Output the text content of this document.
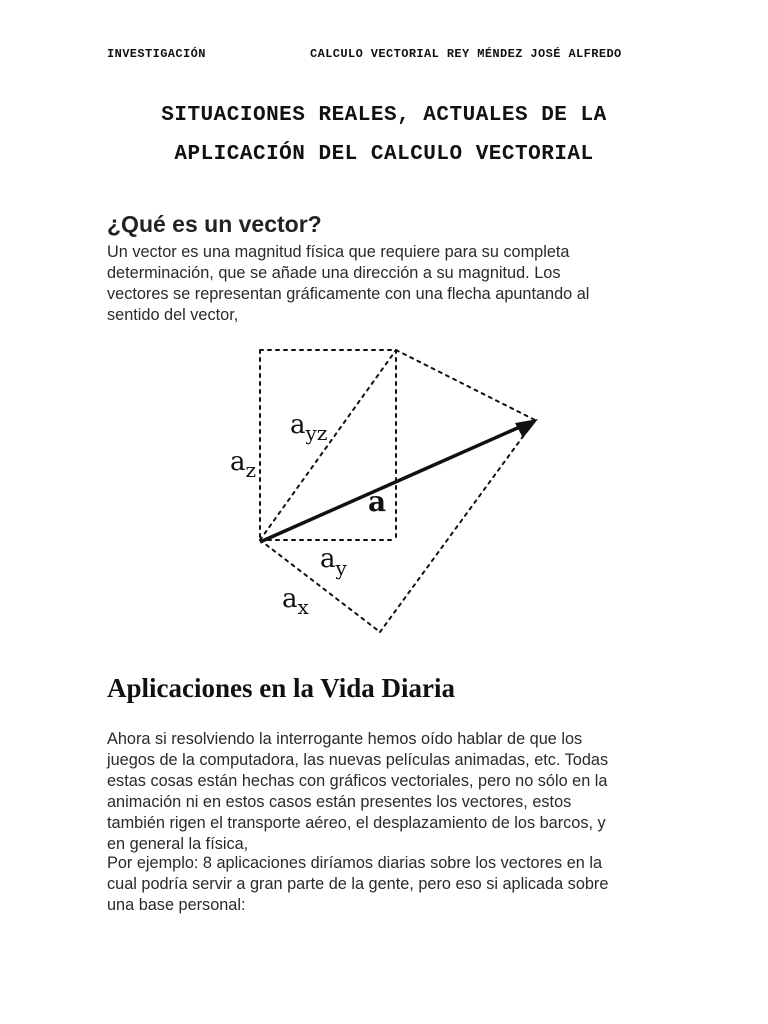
INVESTIGACIÓN	CALCULO VECTORIAL REY MÉNDEZ JOSÉ ALFREDO
SITUACIONES REALES, ACTUALES DE LA
APLICACIÓN DEL CALCULO VECTORIAL
¿Qué es un vector?
Un vector es una magnitud física que requiere para su completa
determinación, que se añade una dirección a su magnitud. Los
vectores se representan gráficamente con una flecha apuntando al
sentido del vector,
$a_{yz}$
$a_z$
a
$a_y$
$a_x$
Aplicaciones en la Vida Diaria
Ahora si resolviendo la interrogante hemos oído hablar de que los
juegos de la computadora, las nuevas películas animadas, etc. Todas
estas cosas están hechas con gráficos vectoriales, pero no sólo en la
animación ni en estos casos están presentes los vectores, estos
también rigen el transporte aéreo, el desplazamiento de los barcos, y
en general la física,
Por ejemplo: 8 aplicaciones diríamos diarias sobre los vectores en la
cual podría servir a gran parte de la gente, pero eso si aplicada sobre
una base personal:
